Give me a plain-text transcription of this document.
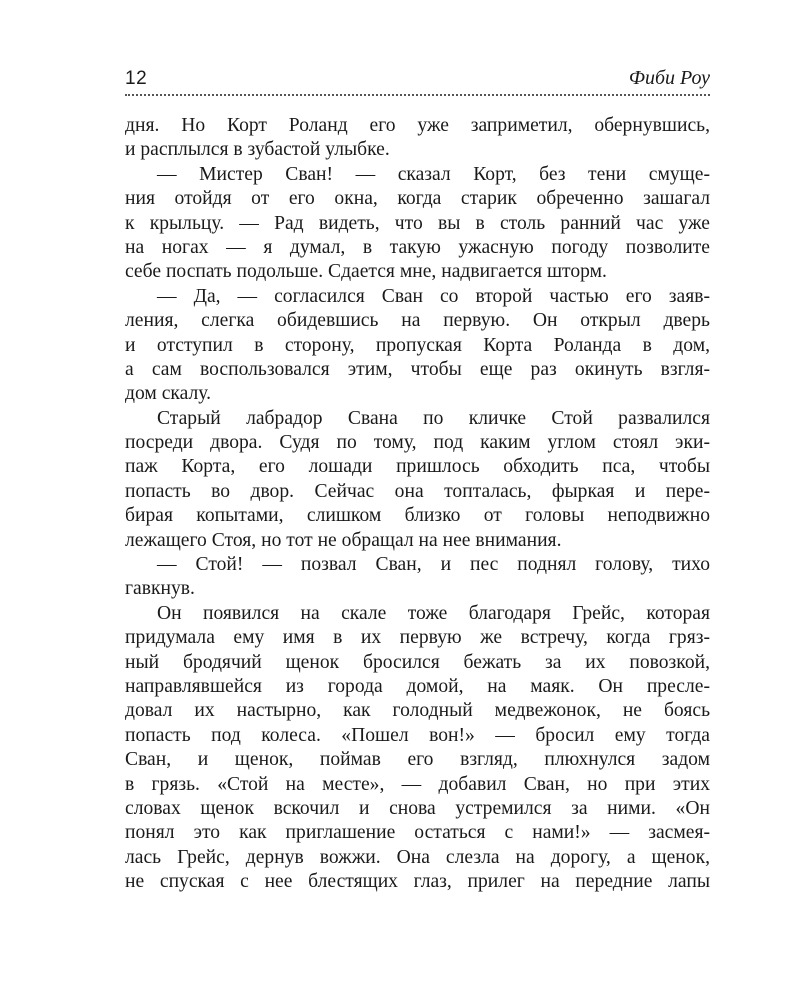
12	Фиби Роу
дня. Но Корт Роланд его уже заприметил, обернувшись,
и расплылся в зубастой улыбке.
— Мистер Сван! — сказал Корт, без тени смуще-
ния отойдя от его окна, когда старик обреченно зашагал
к крыльцу. — Рад видеть, что вы в столь ранний час уже
на ногах — я думал, в такую ужасную погоду позволите
себе поспать подольше. Сдается мне, надвигается шторм.
— Да, — согласился Сван со второй частью его заяв-
ления, слегка обидевшись на первую. Он открыл дверь
и отступил в сторону, пропуская Корта Роланда в дом,
а сам воспользовался этим, чтобы еще раз окинуть взгля-
дом скалу.
Старый лабрадор Свана по кличке Стой развалился
посреди двора. Судя по тому, под каким углом стоял эки-
паж Корта, его лошади пришлось обходить пса, чтобы
попасть во двор. Сейчас она топталась, фыркая и пере-
бирая копытами, слишком близко от головы неподвижно
лежащего Стоя, но тот не обращал на нее внимания.
— Стой! — позвал Сван, и пес поднял голову, тихо
гавкнув.
Он появился на скале тоже благодаря Грейс, которая
придумала ему имя в их первую же встречу, когда гряз-
ный бродячий щенок бросился бежать за их повозкой,
направлявшейся из города домой, на маяк. Он пресле-
довал их настырно, как голодный медвежонок, не боясь
попасть под колеса. «Пошел вон!» — бросил ему тогда
Сван, и щенок, поймав его взгляд, плюхнулся задом
в грязь. «Стой на месте», — добавил Сван, но при этих
словах щенок вскочил и снова устремился за ними. «Он
понял это как приглашение остаться с нами!» — засмея-
лась Грейс, дернув вожжи. Она слезла на дорогу, а щенок,
не спуская с нее блестящих глаз, прилег на передние лапы
